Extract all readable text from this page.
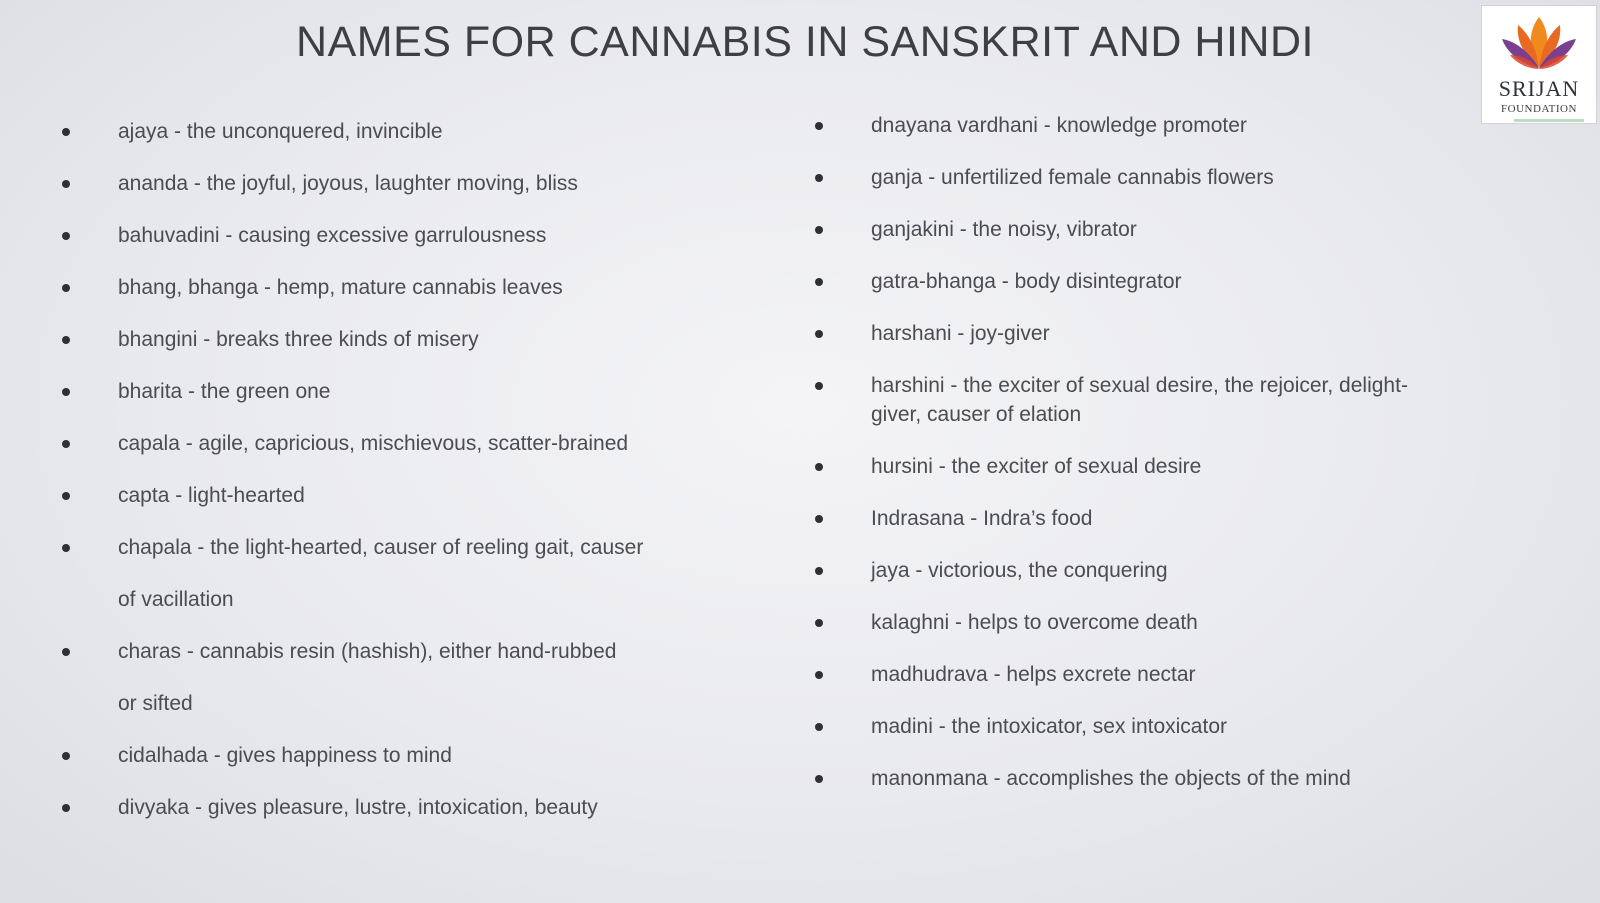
NAMES FOR CANNABIS IN SANSKRIT AND HINDI
SRIJAN
FOUNDATION
ajaya - the unconquered, invincible
ananda - the joyful, joyous, laughter moving, bliss
bahuvadini - causing excessive garrulousness
bhang, bhanga - hemp, mature cannabis leaves
bhangini - breaks three kinds of misery
bharita - the green one
capala - agile, capricious, mischievous, scatter-brained
capta - light-hearted
chapala - the light-hearted, causer of reeling gait, causer of vacillation
charas - cannabis resin (hashish), either hand-rubbed or sifted
cidalhada - gives happiness to mind
divyaka - gives pleasure, lustre, intoxication, beauty
dnayana vardhani - knowledge promoter
ganja - unfertilized female cannabis flowers
ganjakini - the noisy, vibrator
gatra-bhanga - body disintegrator
harshani - joy-giver
harshini - the exciter of sexual desire, the rejoicer, delight-giver, causer of elation
hursini - the exciter of sexual desire
Indrasana - Indra’s food
jaya - victorious, the conquering
kalaghni - helps to overcome death
madhudrava - helps excrete nectar
madini - the intoxicator, sex intoxicator
manonmana - accomplishes the objects of the mind
